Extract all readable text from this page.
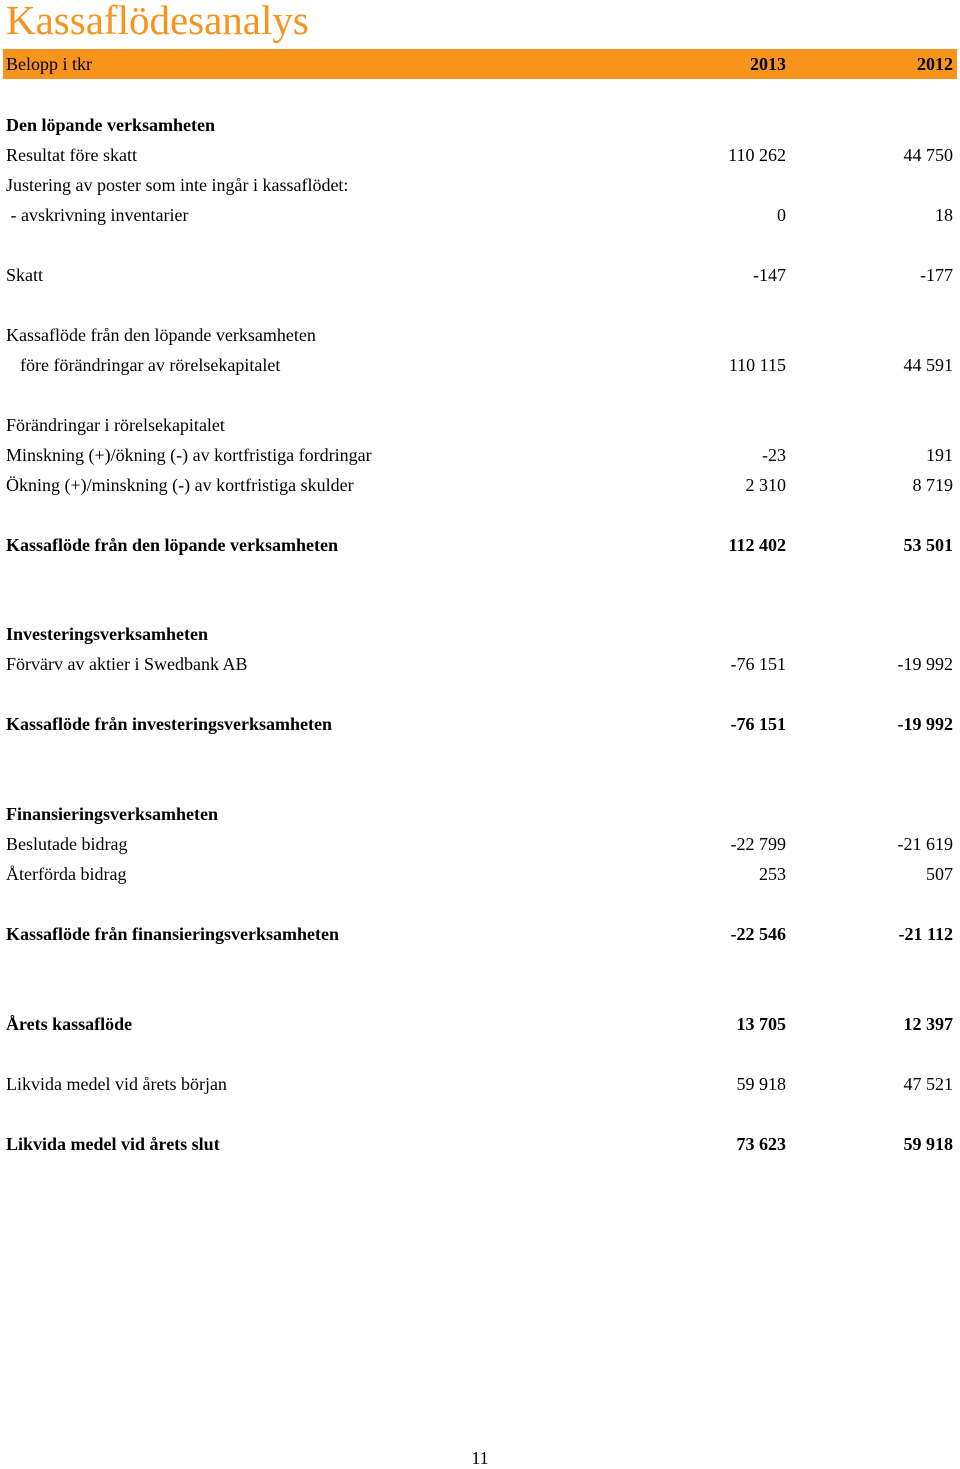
Kassaflödesanalys
Belopp i tkr	2013	2012
Den löpande verksamheten
Resultat före skatt	110 262	44 750
Justering av poster som inte ingår i kassaflödet:
- avskrivning inventarier	0	18
Skatt	-147	-177
Kassaflöde från den löpande verksamheten
före förändringar av rörelsekapitalet	110 115	44 591
Förändringar i rörelsekapitalet
Minskning (+)/ökning (-) av kortfristiga fordringar	-23	191
Ökning (+)/minskning (-) av kortfristiga skulder	2 310	8 719
Kassaflöde från den löpande verksamheten	112 402	53 501
Investeringsverksamheten
Förvärv av aktier i Swedbank AB	-76 151	-19 992
Kassaflöde från investeringsverksamheten	-76 151	-19 992
Finansieringsverksamheten
Beslutade bidrag	-22 799	-21 619
Återförda bidrag	253	507
Kassaflöde från finansieringsverksamheten	-22 546	-21 112
Årets kassaflöde	13 705	12 397
Likvida medel vid årets början	59 918	47 521
Likvida medel vid årets slut	73 623	59 918
11
